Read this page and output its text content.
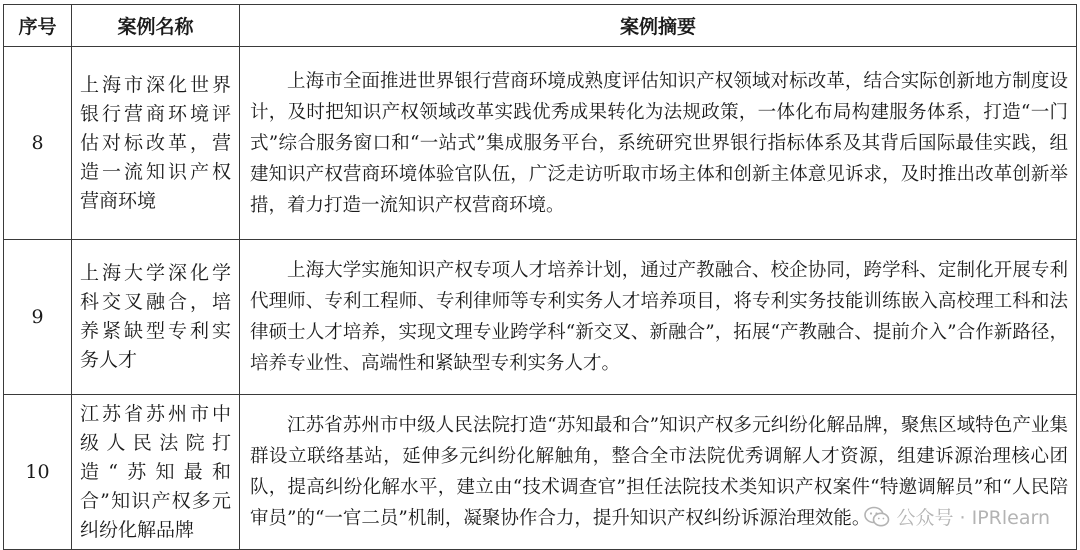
序号	案例名称	案例摘要
8	上海市深化世界银行营商环境评估对标改革，营造一流知识产权营商环境	上海市全面推进世界银行营商环境成熟度评估知识产权领域对标改革，结合实际创新地方制度设计，及时把知识产权领域改革实践优秀成果转化为法规政策，一体化布局构建服务体系，打造“一门式”综合服务窗口和“一站式”集成服务平台，系统研究世界银行指标体系及其背后国际最佳实践，组建知识产权营商环境体验官队伍，广泛走访听取市场主体和创新主体意见诉求，及时推出改革创新举措，着力打造一流知识产权营商环境。
9	上海大学深化学科交叉融合，培养紧缺型专利实务人才	上海大学实施知识产权专项人才培养计划，通过产教融合、校企协同，跨学科、定制化开展专利代理师、专利工程师、专利律师等专利实务人才培养项目，将专利实务技能训练嵌入高校理工科和法律硕士人才培养，实现文理专业跨学科“新交叉、新融合”，拓展“产教融合、提前介入”合作新路径，培养专业性、高端性和紧缺型专利实务人才。
10	江苏省苏州市中级人民法院打造“苏知最和合”知识产权多元纠纷化解品牌	江苏省苏州市中级人民法院打造“苏知最和合”知识产权多元纠纷化解品牌，聚焦区域特色产业集群设立联络基站，延伸多元纠纷化解触角，整合全市法院优秀调解人才资源，组建诉源治理核心团队，提高纠纷化解水平，建立由“技术调查官”担任法院技术类知识产权案件“特邀调解员”和“人民陪审员”的“一官二员”机制，凝聚协作合力，提升知识产权纠纷诉源治理效能。 公众号 · IPRlearn
